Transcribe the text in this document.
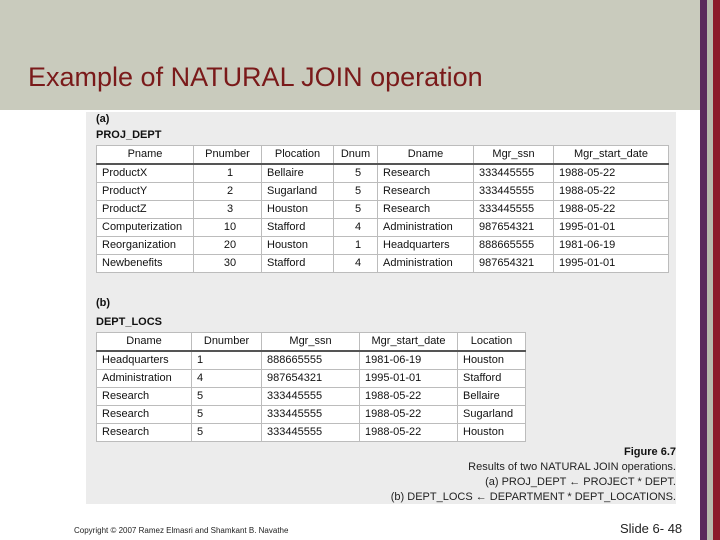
Example of NATURAL JOIN operation
(a)
PROJ_DEPT
Pname	Pnumber	Plocation	Dnum	Dname	Mgr_ssn	Mgr_start_date
ProductX	1	Bellaire	5	Research	333445555	1988-05-22
ProductY	2	Sugarland	5	Research	333445555	1988-05-22
ProductZ	3	Houston	5	Research	333445555	1988-05-22
Computerization	10	Stafford	4	Administration	987654321	1995-01-01
Reorganization	20	Houston	1	Headquarters	888665555	1981-06-19
Newbenefits	30	Stafford	4	Administration	987654321	1995-01-01
(b)
DEPT_LOCS
Dname	Dnumber	Mgr_ssn	Mgr_start_date	Location
Headquarters	1	888665555	1981-06-19	Houston
Administration	4	987654321	1995-01-01	Stafford
Research	5	333445555	1988-05-22	Bellaire
Research	5	333445555	1988-05-22	Sugarland
Research	5	333445555	1988-05-22	Houston
Figure 6.7
Results of two NATURAL JOIN operations.
(a) PROJ_DEPT ← PROJECT * DEPT.
(b) DEPT_LOCS ← DEPARTMENT * DEPT_LOCATIONS.
Copyright © 2007 Ramez Elmasri and Shamkant B. Navathe	Slide 6- 48
